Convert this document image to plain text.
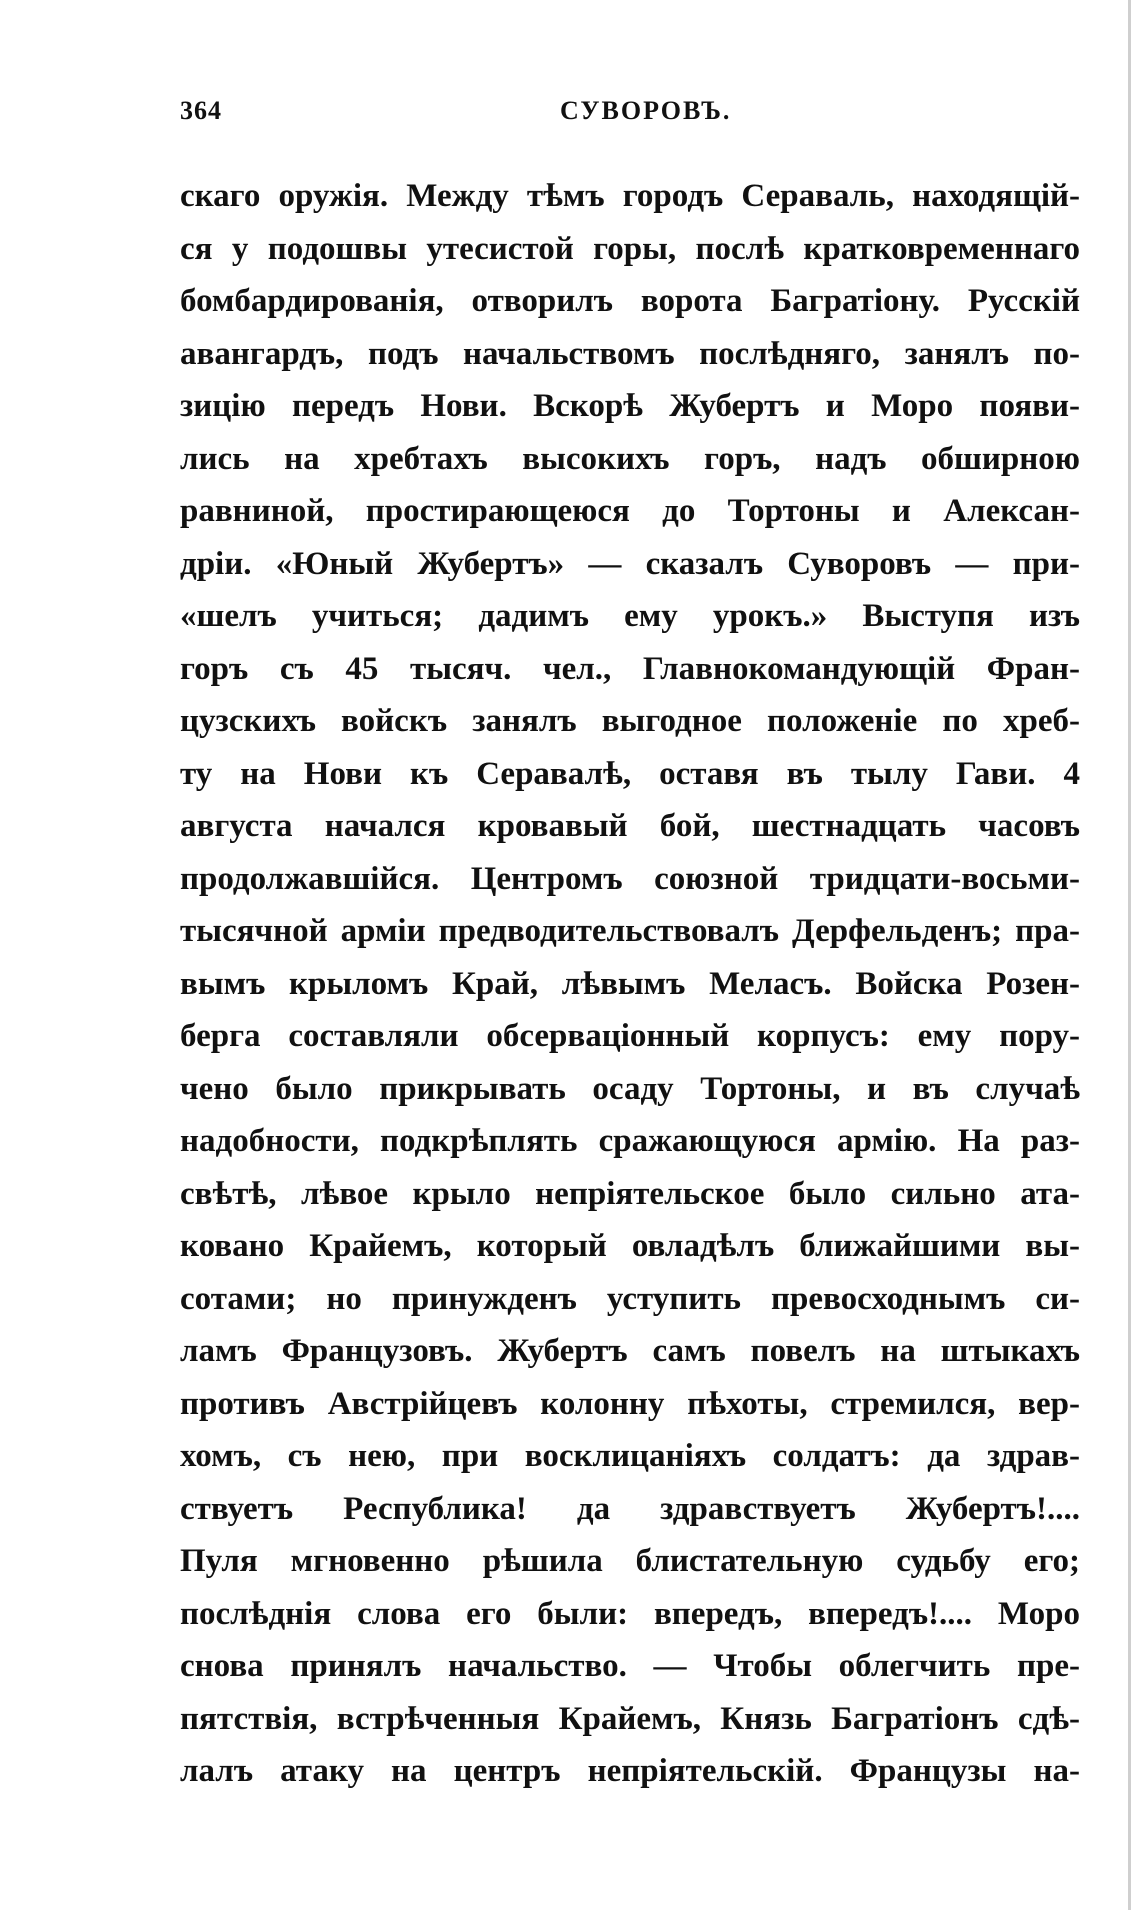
364	СУВОРОВЪ.
скаго оружія. Между тѣмъ городъ Сераваль, находящій-
ся у подошвы утесистой горы, послѣ кратковременнаго
бомбардированія, отворилъ ворота Багратіону. Русскій
авангардъ, подъ начальствомъ послѣдняго, занялъ по-
зицію передъ Нови. Вскорѣ Жубертъ и Моро появи-
лись на хребтахъ высокихъ горъ, надъ обширною
равниной, простирающеюся до Тортоны и Алексан-
дріи. «Юный Жубертъ» — сказалъ Суворовъ — при-
«шелъ учиться; дадимъ ему урокъ.» Выступя изъ
горъ съ 45 тысяч. чел., Главнокомандующій Фран-
цузскихъ войскъ занялъ выгодное положеніе по хреб-
ту на Нови къ Серавалѣ, оставя въ тылу Гави. 4
августа начался кровавый бой, шестнадцать часовъ
продолжавшійся. Центромъ союзной тридцати-восьми-
тысячной арміи предводительствовалъ Дерфельденъ; пра-
вымъ крыломъ Край, лѣвымъ Меласъ. Войска Розен-
берга составляли обсерваціонный корпусъ: ему пору-
чено было прикрывать осаду Тортоны, и въ случаѣ
надобности, подкрѣплять сражающуюся армію. На раз-
свѣтѣ, лѣвое крыло непріятельское было сильно ата-
ковано Крайемъ, который овладѣлъ ближайшими вы-
сотами; но принужденъ уступить превосходнымъ си-
ламъ Французовъ. Жубертъ самъ повелъ на штыкахъ
противъ Австрійцевъ колонну пѣхоты, стремился, вер-
хомъ, съ нею, при восклицаніяхъ солдатъ: да здрав-
ствуетъ Республика! да здравствуетъ Жубертъ!....
Пуля мгновенно рѣшила блистательную судьбу его;
послѣднія слова его были: впередъ, впередъ!.... Моро
снова принялъ начальство. — Чтобы облегчить пре-
пятствія, встрѣченныя Крайемъ, Князь Багратіонъ сдѣ-
лалъ атаку на центръ непріятельскій. Французы на-
